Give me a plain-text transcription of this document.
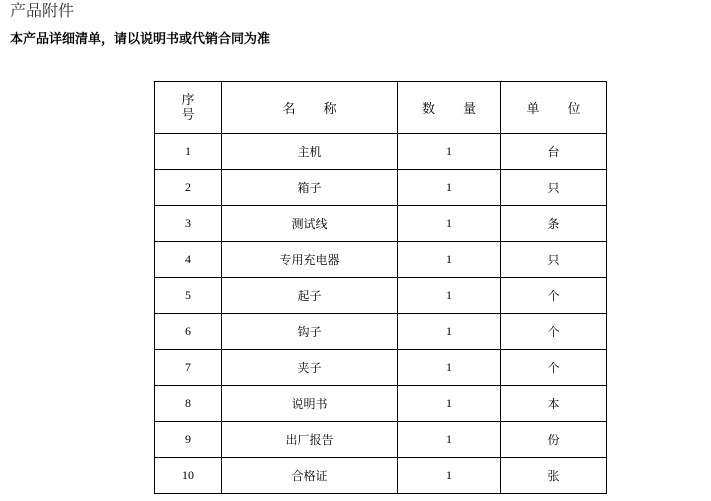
产品附件

本产品详细清单，请以说明书或代销合同为准

序
号	名 称	数 量	单 位
1	主机	1	台
2	箱子	1	只
3	测试线	1	条
4	专用充电器	1	只
5	起子	1	个
6	钩子	1	个
7	夹子	1	个
8	说明书	1	本
9	出厂报告	1	份
10	合格证	1	张
